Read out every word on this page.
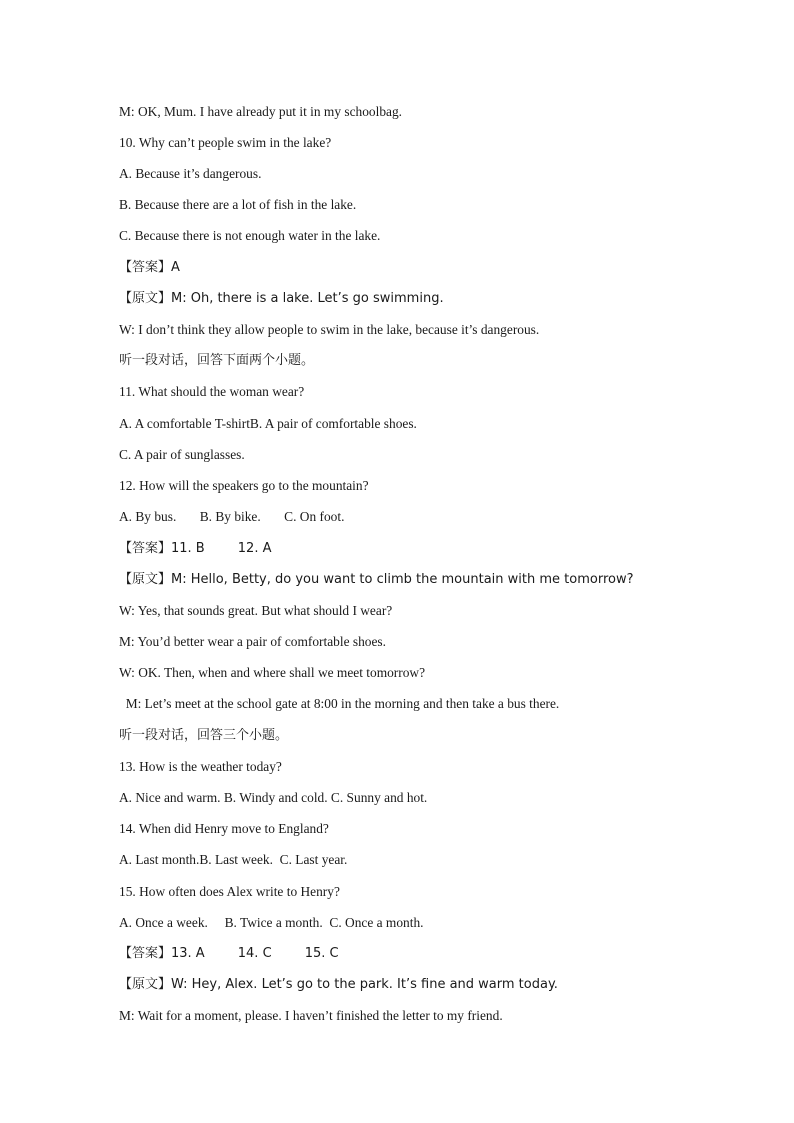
M: OK, Mum. I have already put it in my schoolbag.
10. Why can’t people swim in the lake?
A. Because it’s dangerous.
B. Because there are a lot of fish in the lake.
C. Because there is not enough water in the lake.
【答案】A
【原文】M: Oh, there is a lake. Let’s go swimming.
W: I don’t think they allow people to swim in the lake, because it’s dangerous.
听一段对话，回答下面两个小题。
11. What should the woman wear?
A. A comfortable T-shirtB. A pair of comfortable shoes.
C. A pair of sunglasses.
12. How will the speakers go to the mountain?
A. By bus.       B. By bike.       C. On foot.
【答案】11. B        12. A
【原文】M: Hello, Betty, do you want to climb the mountain with me tomorrow?
W: Yes, that sounds great. But what should I wear?
M: You’d better wear a pair of comfortable shoes.
W: OK. Then, when and where shall we meet tomorrow?
M: Let’s meet at the school gate at 8:00 in the morning and then take a bus there.
听一段对话，回答三个小题。
13. How is the weather today?
A. Nice and warm. B. Windy and cold. C. Sunny and hot.
14. When did Henry move to England?
A. Last month.B. Last week.  C. Last year.
15. How often does Alex write to Henry?
A. Once a week.     B. Twice a month.  C. Once a month.
【答案】13. A        14. C        15. C
【原文】W: Hey, Alex. Let’s go to the park. It’s fine and warm today.
M: Wait for a moment, please. I haven’t finished the letter to my friend.
